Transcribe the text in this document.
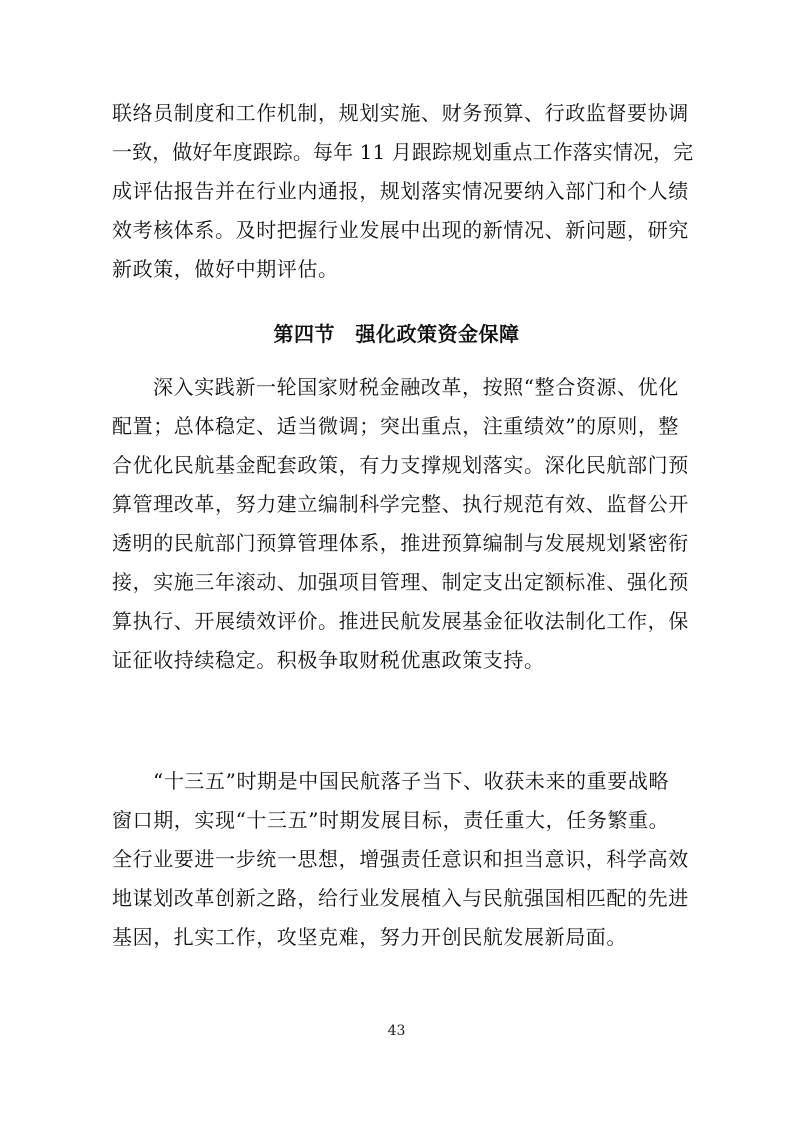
联络员制度和工作机制，规划实施、财务预算、行政监督要协调
一致，做好年度跟踪。每年 11 月跟踪规划重点工作落实情况，完
成评估报告并在行业内通报，规划落实情况要纳入部门和个人绩
效考核体系。及时把握行业发展中出现的新情况、新问题，研究
新政策，做好中期评估。
第四节　强化政策资金保障
深入实践新一轮国家财税金融改革，按照“整合资源、优化
配置；总体稳定、适当微调；突出重点，注重绩效”的原则，整
合优化民航基金配套政策，有力支撑规划落实。深化民航部门预
算管理改革，努力建立编制科学完整、执行规范有效、监督公开
透明的民航部门预算管理体系，推进预算编制与发展规划紧密衔
接，实施三年滚动、加强项目管理、制定支出定额标准、强化预
算执行、开展绩效评价。推进民航发展基金征收法制化工作，保
证征收持续稳定。积极争取财税优惠政策支持。
“十三五”时期是中国民航落子当下、收获未来的重要战略
窗口期，实现“十三五”时期发展目标，责任重大，任务繁重。
全行业要进一步统一思想，增强责任意识和担当意识，科学高效
地谋划改革创新之路，给行业发展植入与民航强国相匹配的先进
基因，扎实工作，攻坚克难，努力开创民航发展新局面。
43
